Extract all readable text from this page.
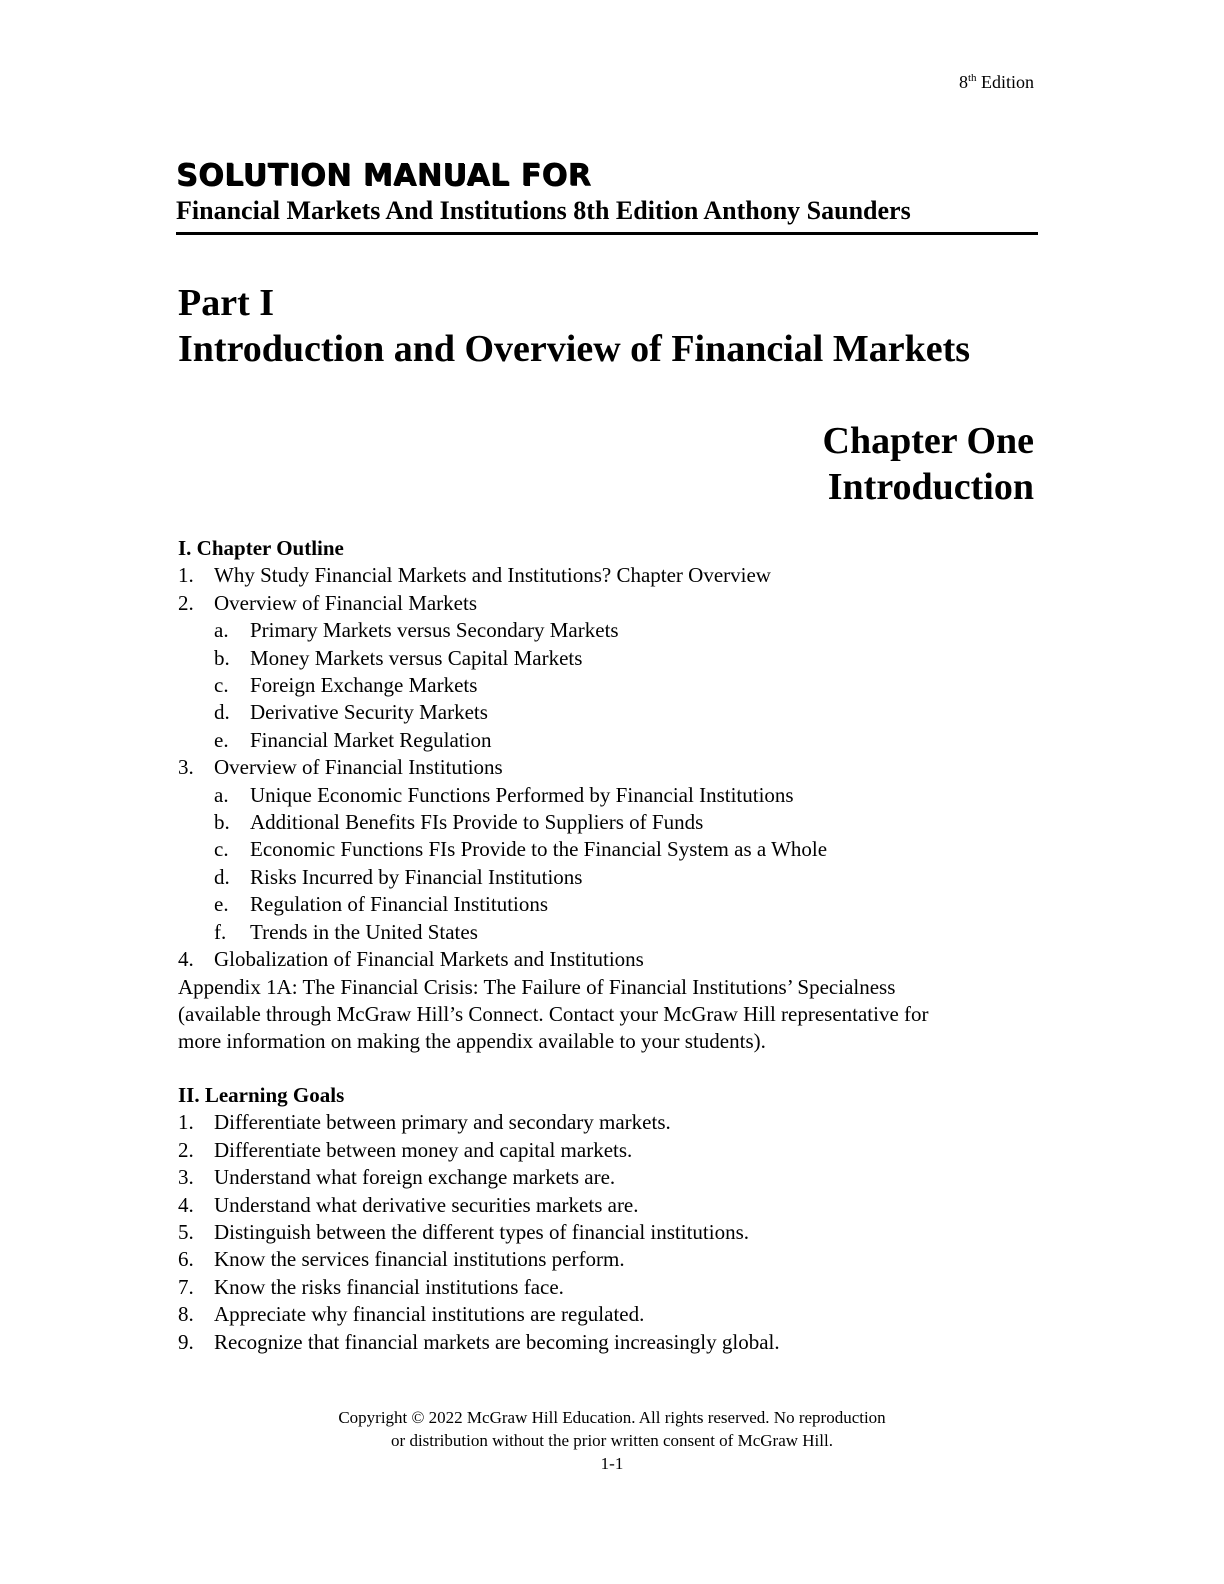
8th Edition
SOLUTION MANUAL FOR
Financial Markets And Institutions 8th Edition Anthony Saunders
Part I
Introduction and Overview of Financial Markets
Chapter One
Introduction
I. Chapter Outline
1. Why Study Financial Markets and Institutions? Chapter Overview
2. Overview of Financial Markets
a.	Primary Markets versus Secondary Markets
b. Money Markets versus Capital Markets
c.	Foreign Exchange Markets
d. Derivative Security Markets
e.	Financial Market Regulation
3. Overview of Financial Institutions
a.	Unique Economic Functions Performed by Financial Institutions
b. Additional Benefits FIs Provide to Suppliers of Funds
c.	Economic Functions FIs Provide to the Financial System as a Whole
d. Risks Incurred by Financial Institutions
e.	Regulation of Financial Institutions
f.	Trends in the United States
4. Globalization of Financial Markets and Institutions
Appendix 1A: The Financial Crisis: The Failure of Financial Institutions’ Specialness
(available through McGraw Hill’s Connect. Contact your McGraw Hill representative for
more information on making the appendix available to your students).
II. Learning Goals
1. Differentiate between primary and secondary markets.
2. Differentiate between money and capital markets.
3. Understand what foreign exchange markets are.
4. Understand what derivative securities markets are.
5. Distinguish between the different types of financial institutions.
6. Know the services financial institutions perform.
7. Know the risks financial institutions face.
8. Appreciate why financial institutions are regulated.
9. Recognize that financial markets are becoming increasingly global.
Copyright © 2022 McGraw Hill Education. All rights reserved. No reproduction
or distribution without the prior written consent of McGraw Hill.
1-1
